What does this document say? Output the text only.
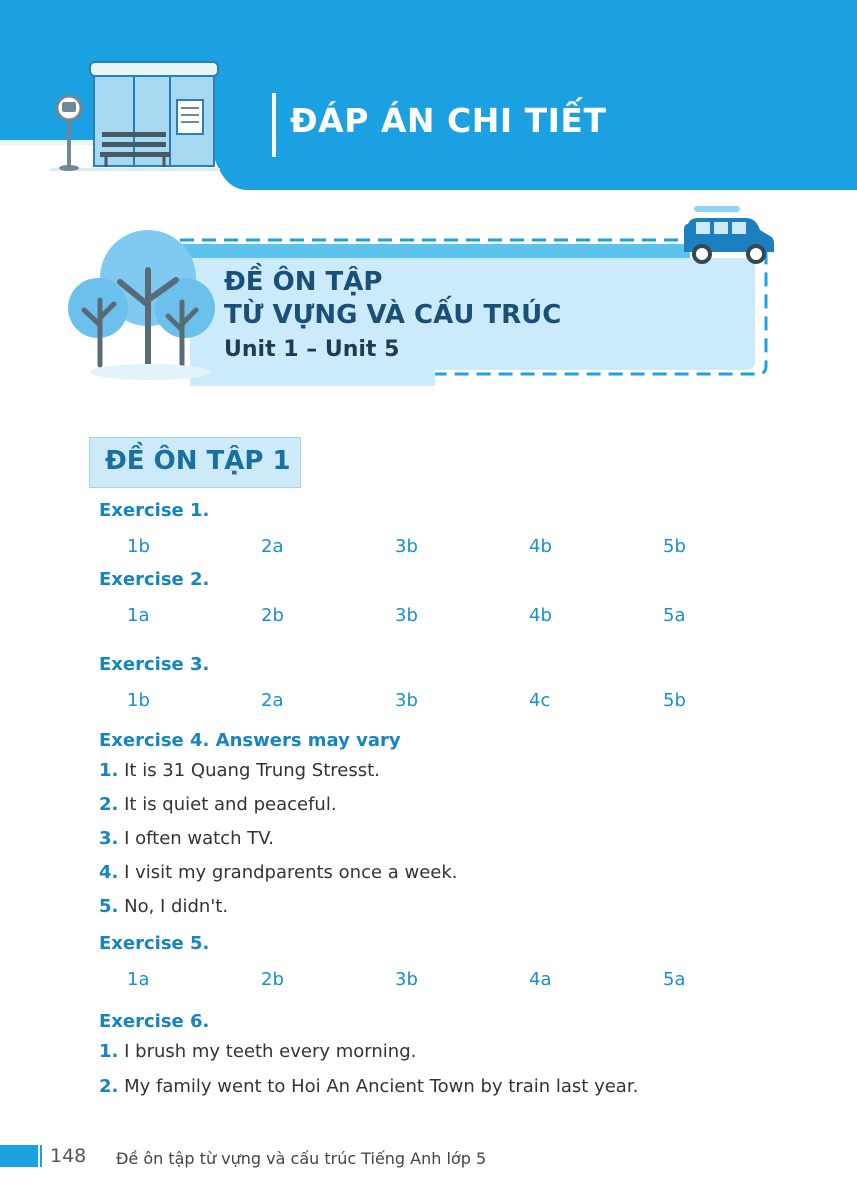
ĐÁP ÁN CHI TIẾT
ĐỀ ÔN TẬP
TỪ VỰNG VÀ CẤU TRÚC
Unit 1 – Unit 5
ĐỀ ÔN TẬP 1
Exercise 1.
1b	2a	3b	4b	5b
Exercise 2.
1a	2b	3b	4b	5a
Exercise 3.
1b	2a	3b	4c	5b
Exercise 4. Answers may vary
1. It is 31 Quang Trung Stresst.
2. It is quiet and peaceful.
3. I often watch TV.
4. I visit my grandparents once a week.
5. No, I didn't.
Exercise 5.
1a	2b	3b	4a	5a
Exercise 6.
1. I brush my teeth every morning.
2. My family went to Hoi An Ancient Town by train last year.
148 Đề ôn tập từ vựng và cấu trúc Tiếng Anh lớp 5
